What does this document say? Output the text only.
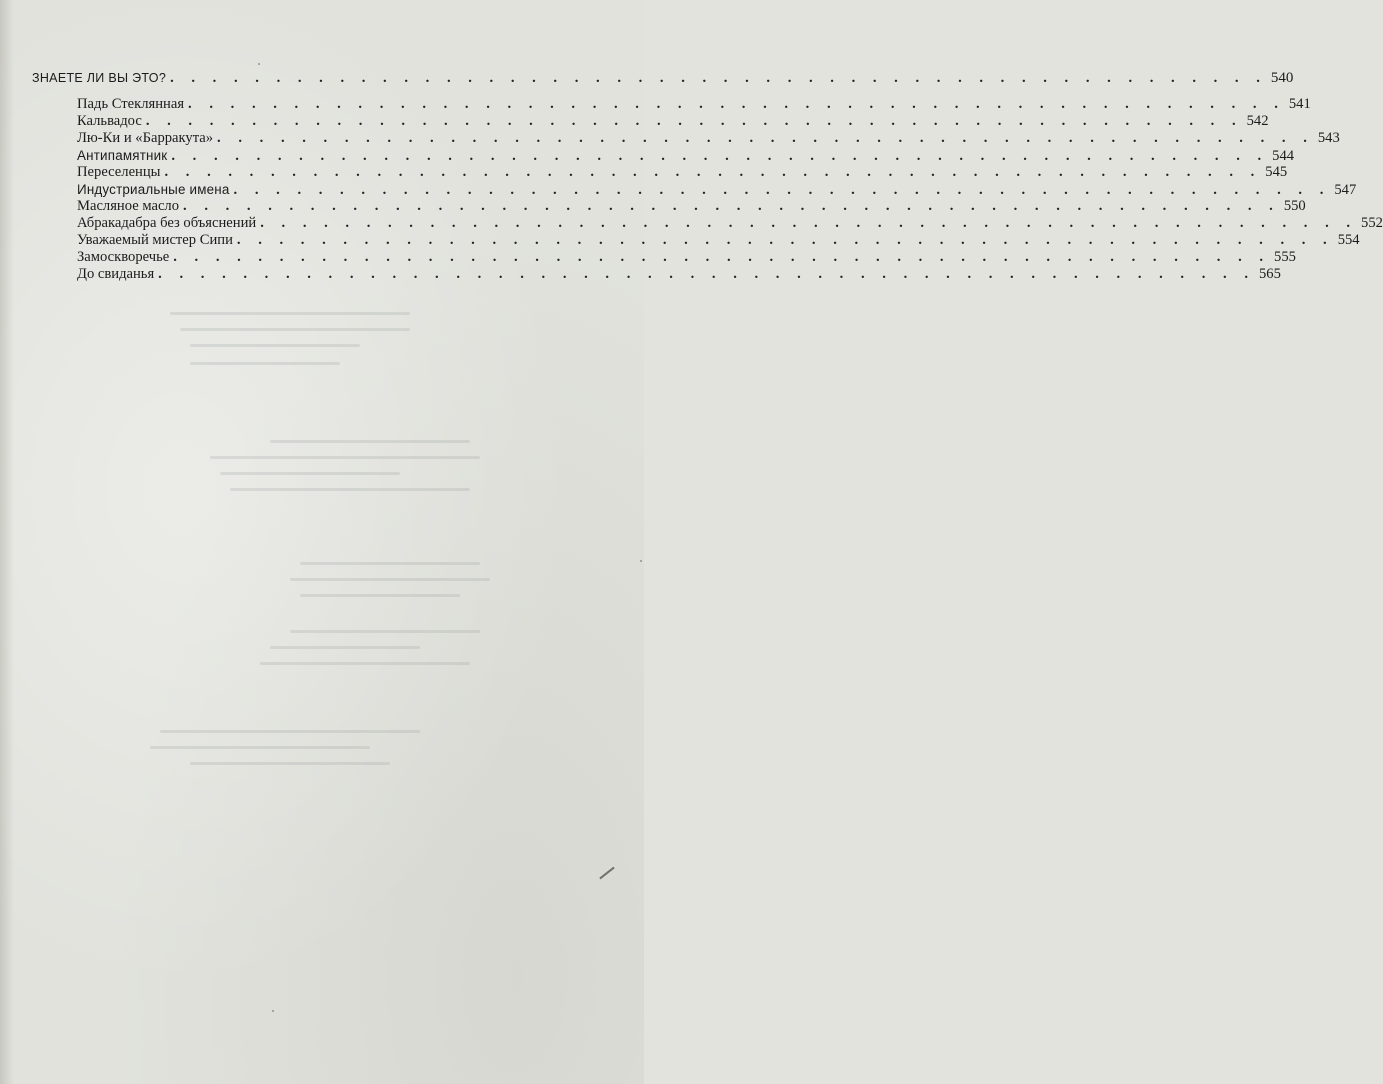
ЗНАЕТЕ ЛИ ВЫ ЭТО? . . . . . . . . . . . . . . . . . . . . . . . . . . . . . . . . . . . . . . . . . . . . . . . . . . . . 540
Падь Стеклянная . . . . . . . . . . . . . . . . . . . . . . . . . . . . . . . . . . . . . . . . . . . . . . . . . . . . 541
Кальвадос . . . . . . . . . . . . . . . . . . . . . . . . . . . . . . . . . . . . . . . . . . . . . . . . . . . . 542
Лю-Ки и «Барракута» . . . . . . . . . . . . . . . . . . . . . . . . . . . . . . . . . . . . . . . . . . . . . . . . . . . . 543
Антипамятник . . . . . . . . . . . . . . . . . . . . . . . . . . . . . . . . . . . . . . . . . . . . . . . . . . . . 544
Переселенцы . . . . . . . . . . . . . . . . . . . . . . . . . . . . . . . . . . . . . . . . . . . . . . . . . . . . 545
Индустриальные имена . . . . . . . . . . . . . . . . . . . . . . . . . . . . . . . . . . . . . . . . . . . . . . . . . . . . 547
Масляное масло . . . . . . . . . . . . . . . . . . . . . . . . . . . . . . . . . . . . . . . . . . . . . . . . . . . . 550
Абракадабра без объяснений . . . . . . . . . . . . . . . . . . . . . . . . . . . . . . . . . . . . . . . . . . . . . . . . . . . . 552
Уважаемый мистер Сипи . . . . . . . . . . . . . . . . . . . . . . . . . . . . . . . . . . . . . . . . . . . . . . . . . . . . 554
Замоскворечье . . . . . . . . . . . . . . . . . . . . . . . . . . . . . . . . . . . . . . . . . . . . . . . . . . . . 555
До свиданья . . . . . . . . . . . . . . . . . . . . . . . . . . . . . . . . . . . . . . . . . . . . . . . . . . . . 565
